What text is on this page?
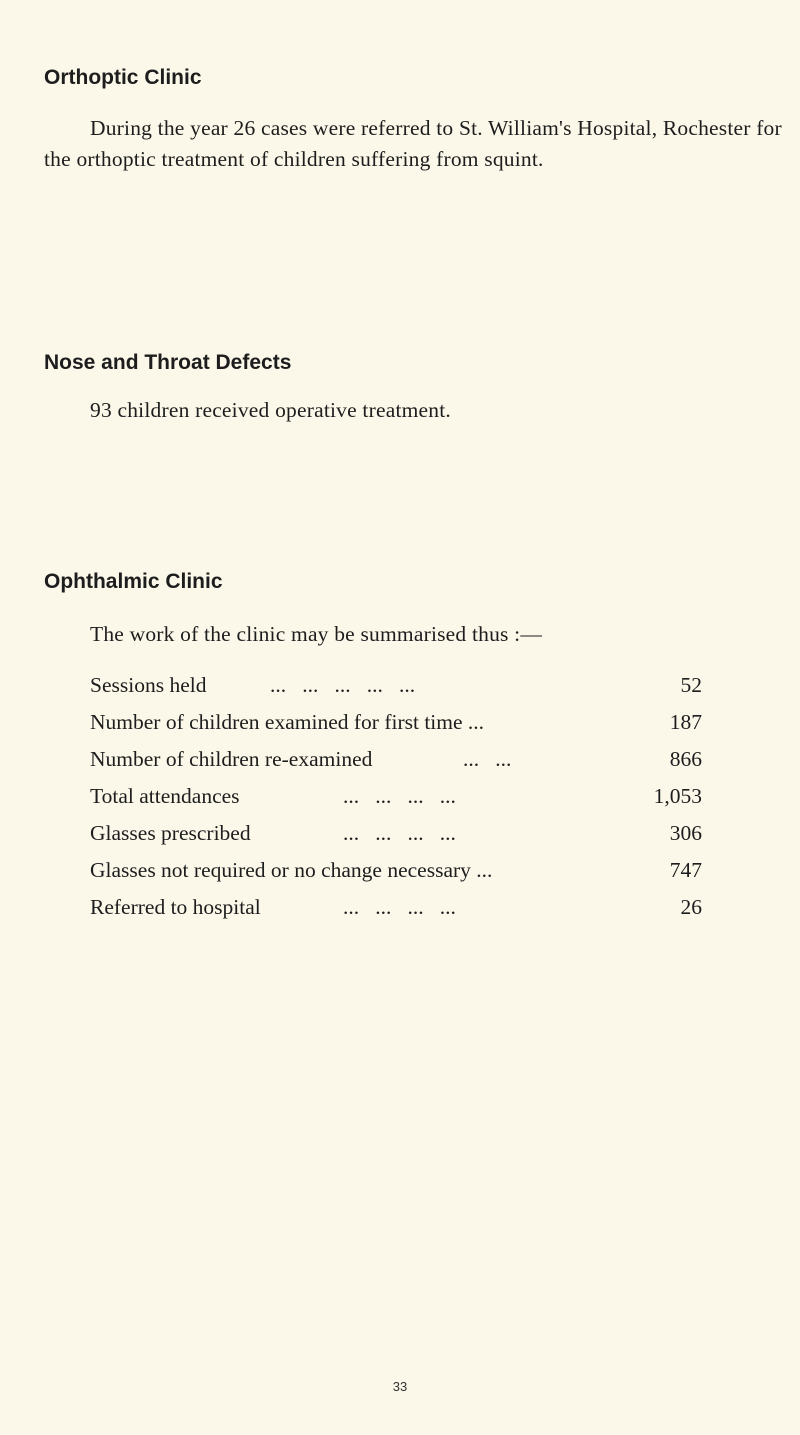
Orthoptic Clinic

During the year 26 cases were referred to St. William's Hospital, Rochester for the orthoptic treatment of children suffering from squint.

Nose and Throat Defects

93 children received operative treatment.

Ophthalmic Clinic

The work of the clinic may be summarised thus :—

Sessions held	...   ...   ...   ...   ...	52
Number of children examined for first time ...	187
Number of children re-examined	...   ...	866
Total attendances	...   ...   ...   ...	1,053
Glasses prescribed	...   ...   ...   ...	306
Glasses not required or no change necessary ...	747
Referred to hospital	...   ...   ...   ...	26
33
